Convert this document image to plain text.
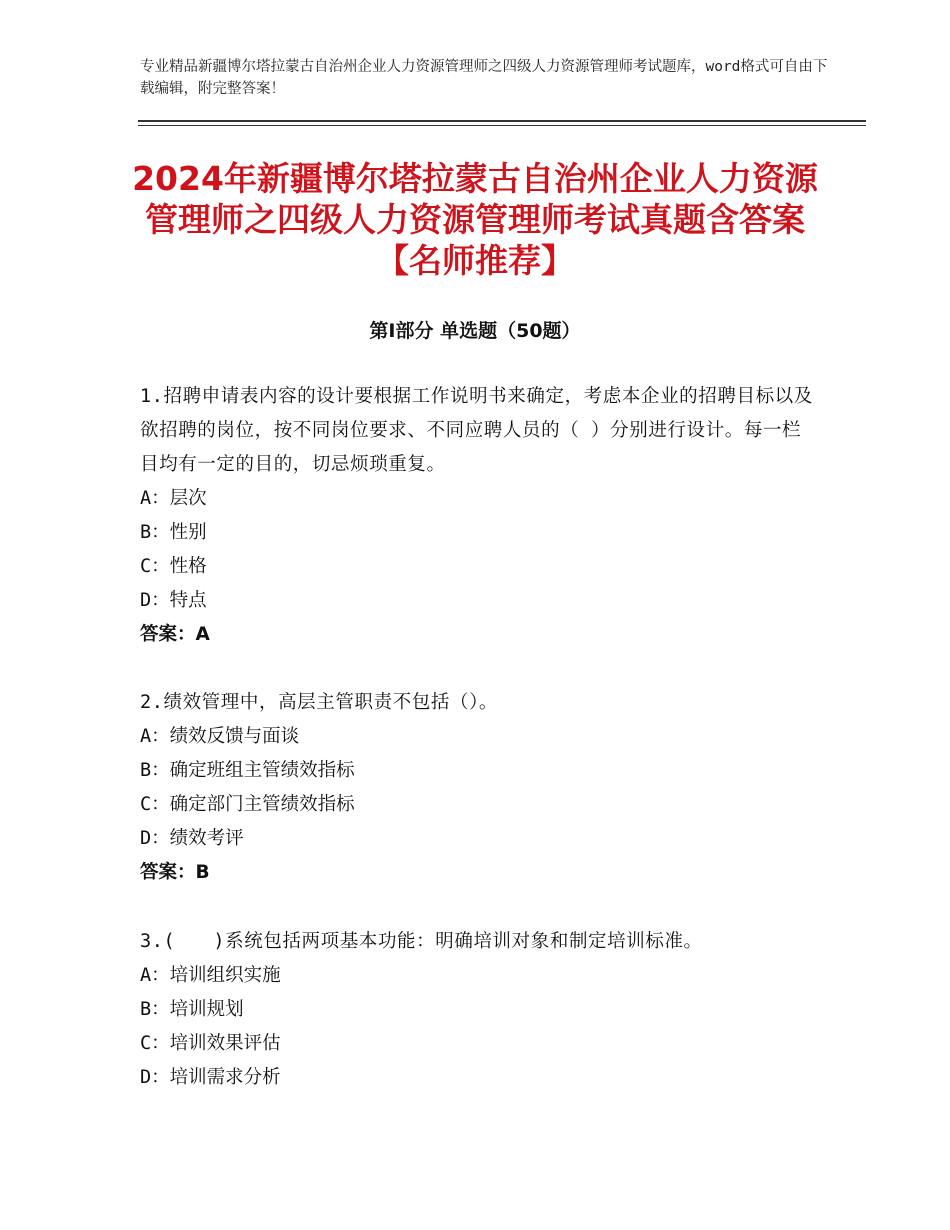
专业精品新疆博尔塔拉蒙古自治州企业人力资源管理师之四级人力资源管理师考试题库，word格式可自由下载编辑，附完整答案！
2024年新疆博尔塔拉蒙古自治州企业人力资源管理师之四级人力资源管理师考试真题含答案【名师推荐】
第Ⅰ部分 单选题（50题）

1.招聘申请表内容的设计要根据工作说明书来确定，考虑本企业的招聘目标以及欲招聘的岗位，按不同岗位要求、不同应聘人员的（ ）分别进行设计。每一栏目均有一定的目的，切忌烦琐重复。

A：层次
B：性别
C：性格
D：特点
答案：A

2.绩效管理中，高层主管职责不包括（）。

A：绩效反馈与面谈
B：确定班组主管绩效指标
C：确定部门主管绩效指标
D：绩效考评
答案：B

3.(　　)系统包括两项基本功能：明确培训对象和制定培训标准。

A：培训组织实施
B：培训规划
C：培训效果评估
D：培训需求分析
